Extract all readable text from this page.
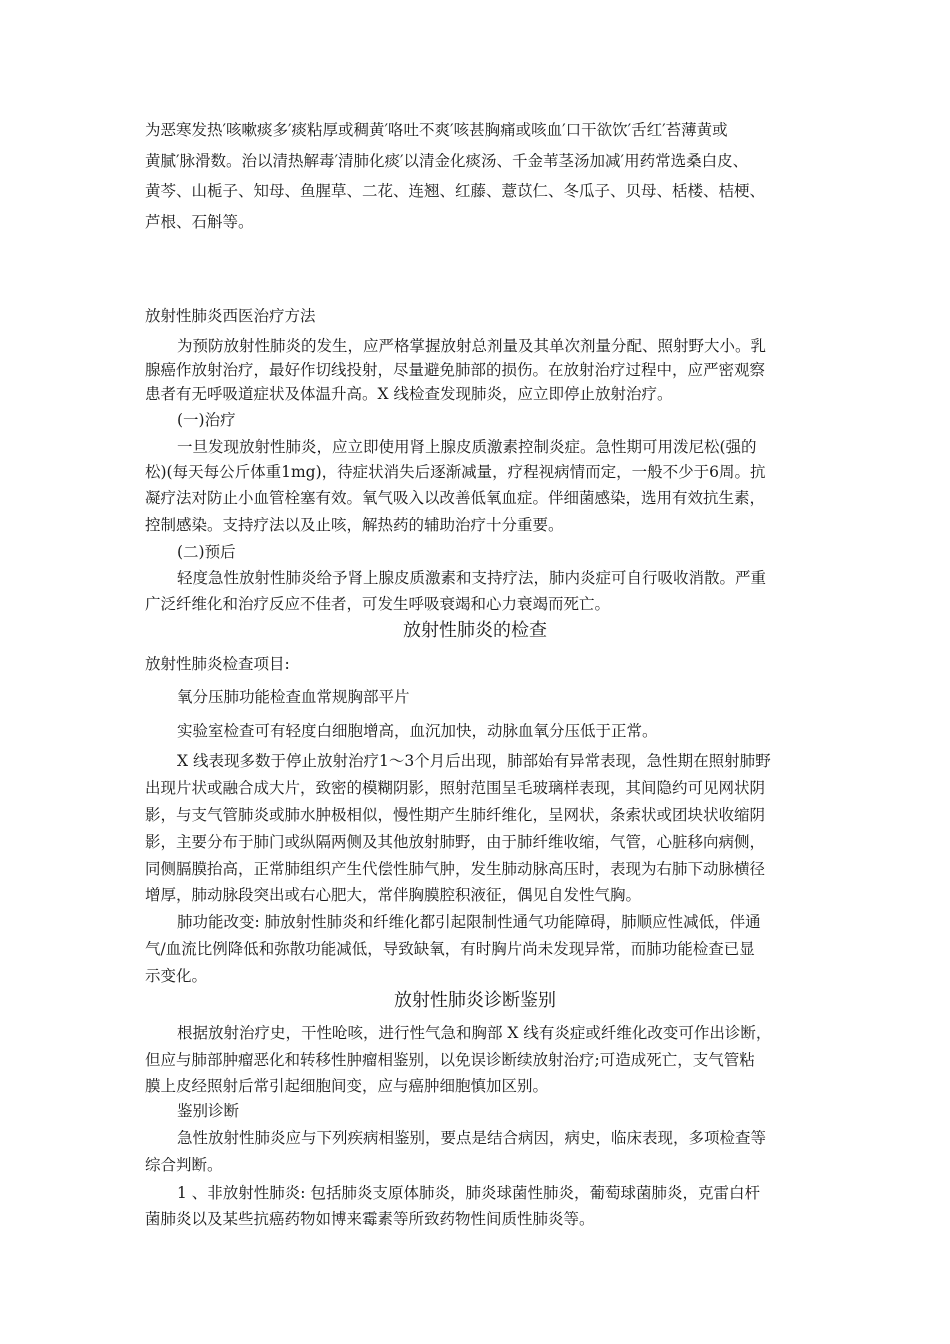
为恶寒发热′咳嗽痰多′痰粘厚或稠黄′咯吐不爽′咳甚胸痛或咳血′口干欲饮′舌红′苔薄黄或
黄腻′脉滑数。治以清热解毒′清肺化痰′以清金化痰汤、千金苇茎汤加减′用药常选桑白皮、
黄芩、山栀子、知母、鱼腥草、二花、连翘、红藤、薏苡仁、冬瓜子、贝母、栝楼、桔梗、
芦根、石斛等。
放射性肺炎西医治疗方法
为预防放射性肺炎的发生，应严格掌握放射总剂量及其单次剂量分配、照射野大小。乳
腺癌作放射治疗，最好作切线投射，尽量避免肺部的损伤。在放射治疗过程中，应严密观察
患者有无呼吸道症状及体温升高。X 线检查发现肺炎，应立即停止放射治疗。
(一)治疗
一旦发现放射性肺炎，应立即使用肾上腺皮质激素控制炎症。急性期可用泼尼松(强的
松)(每天每公斤体重1mg)，待症状消失后逐渐减量，疗程视病情而定，一般不少于6周。抗
凝疗法对防止小血管栓塞有效。氧气吸入以改善低氧血症。伴细菌感染，选用有效抗生素，
控制感染。支持疗法以及止咳，解热药的辅助治疗十分重要。
(二)预后
轻度急性放射性肺炎给予肾上腺皮质激素和支持疗法，肺内炎症可自行吸收消散。严重
广泛纤维化和治疗反应不佳者，可发生呼吸衰竭和心力衰竭而死亡。
放射性肺炎的检查
放射性肺炎检查项目:
氧分压肺功能检查血常规胸部平片
实验室检查可有轻度白细胞增高，血沉加快，动脉血氧分压低于正常。
X 线表现多数于停止放射治疗1～3个月后出现，肺部始有异常表现，急性期在照射肺野
出现片状或融合成大片，致密的模糊阴影，照射范围呈毛玻璃样表现，其间隐约可见网状阴
影，与支气管肺炎或肺水肿极相似，慢性期产生肺纤维化，呈网状，条索状或团块状收缩阴
影，主要分布于肺门或纵隔两侧及其他放射肺野，由于肺纤维收缩，气管，心脏移向病侧，
同侧膈膜抬高，正常肺组织产生代偿性肺气肿，发生肺动脉高压时，表现为右肺下动脉横径
增厚，肺动脉段突出或右心肥大，常伴胸膜腔积液征，偶见自发性气胸。
肺功能改变: 肺放射性肺炎和纤维化都引起限制性通气功能障碍，肺顺应性减低，伴通
气/血流比例降低和弥散功能减低，导致缺氧，有时胸片尚未发现异常，而肺功能检查已显
示变化。
放射性肺炎诊断鉴别
根据放射治疗史，干性呛咳，进行性气急和胸部 X 线有炎症或纤维化改变可作出诊断，
但应与肺部肿瘤恶化和转移性肿瘤相鉴别，以免误诊断续放射治疗;可造成死亡，支气管粘
膜上皮经照射后常引起细胞间变，应与癌肿细胞慎加区别。
鉴别诊断
急性放射性肺炎应与下列疾病相鉴别，要点是结合病因，病史，临床表现，多项检查等
综合判断。
1 、非放射性肺炎: 包括肺炎支原体肺炎，肺炎球菌性肺炎，葡萄球菌肺炎，克雷白杆
菌肺炎以及某些抗癌药物如博来霉素等所致药物性间质性肺炎等。
